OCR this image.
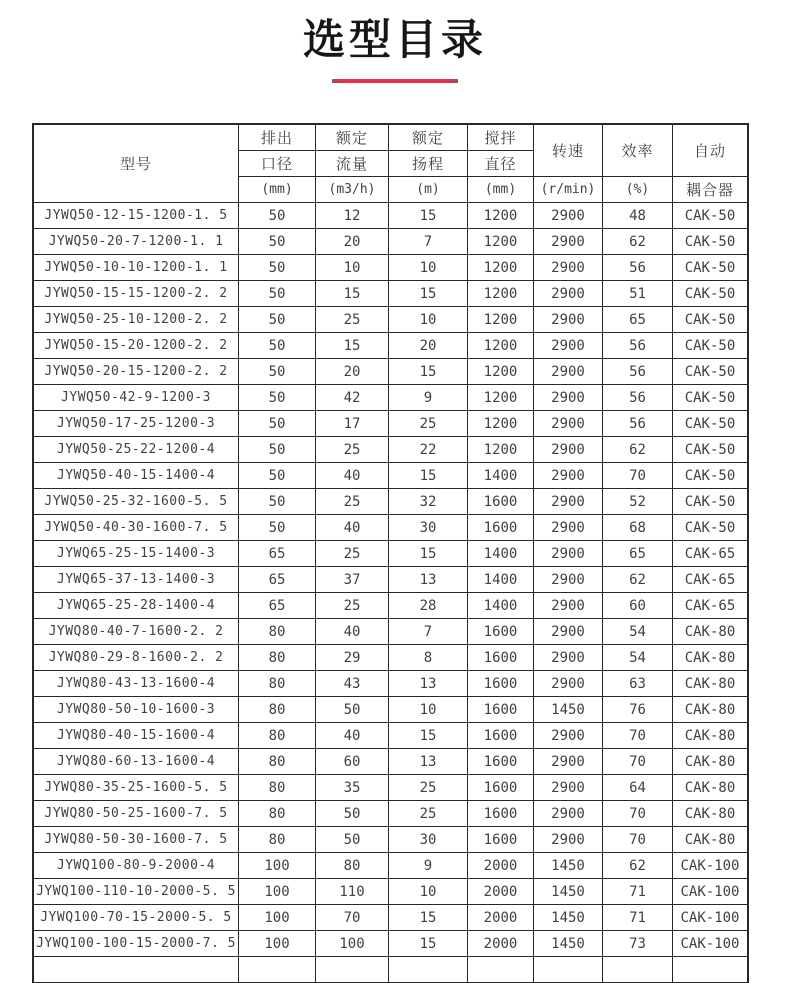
选型目录
型号	排出	额定	额定	搅拌	转速	效率	自动
	口径	流量	扬程	直径			
	(mm)	(m3/h)	(m)	(mm)	(r/min)	(%)	耦合器
JYWQ50-12-15-1200-1. 5	50	12	15	1200	2900	48	CAK-50
JYWQ50-20-7-1200-1. 1	50	20	7	1200	2900	62	CAK-50
JYWQ50-10-10-1200-1. 1	50	10	10	1200	2900	56	CAK-50
JYWQ50-15-15-1200-2. 2	50	15	15	1200	2900	51	CAK-50
JYWQ50-25-10-1200-2. 2	50	25	10	1200	2900	65	CAK-50
JYWQ50-15-20-1200-2. 2	50	15	20	1200	2900	56	CAK-50
JYWQ50-20-15-1200-2. 2	50	20	15	1200	2900	56	CAK-50
JYWQ50-42-9-1200-3	50	42	9	1200	2900	56	CAK-50
JYWQ50-17-25-1200-3	50	17	25	1200	2900	56	CAK-50
JYWQ50-25-22-1200-4	50	25	22	1200	2900	62	CAK-50
JYWQ50-40-15-1400-4	50	40	15	1400	2900	70	CAK-50
JYWQ50-25-32-1600-5. 5	50	25	32	1600	2900	52	CAK-50
JYWQ50-40-30-1600-7. 5	50	40	30	1600	2900	68	CAK-50
JYWQ65-25-15-1400-3	65	25	15	1400	2900	65	CAK-65
JYWQ65-37-13-1400-3	65	37	13	1400	2900	62	CAK-65
JYWQ65-25-28-1400-4	65	25	28	1400	2900	60	CAK-65
JYWQ80-40-7-1600-2. 2	80	40	7	1600	2900	54	CAK-80
JYWQ80-29-8-1600-2. 2	80	29	8	1600	2900	54	CAK-80
JYWQ80-43-13-1600-4	80	43	13	1600	2900	63	CAK-80
JYWQ80-50-10-1600-3	80	50	10	1600	1450	76	CAK-80
JYWQ80-40-15-1600-4	80	40	15	1600	2900	70	CAK-80
JYWQ80-60-13-1600-4	80	60	13	1600	2900	70	CAK-80
JYWQ80-35-25-1600-5. 5	80	35	25	1600	2900	64	CAK-80
JYWQ80-50-25-1600-7. 5	80	50	25	1600	2900	70	CAK-80
JYWQ80-50-30-1600-7. 5	80	50	30	1600	2900	70	CAK-80
JYWQ100-80-9-2000-4	100	80	9	2000	1450	62	CAK-100
JYWQ100-110-10-2000-5. 5	100	110	10	2000	1450	71	CAK-100
JYWQ100-70-15-2000-5. 5	100	70	15	2000	1450	71	CAK-100
JYWQ100-100-15-2000-7. 5	100	100	15	2000	1450	73	CAK-100
